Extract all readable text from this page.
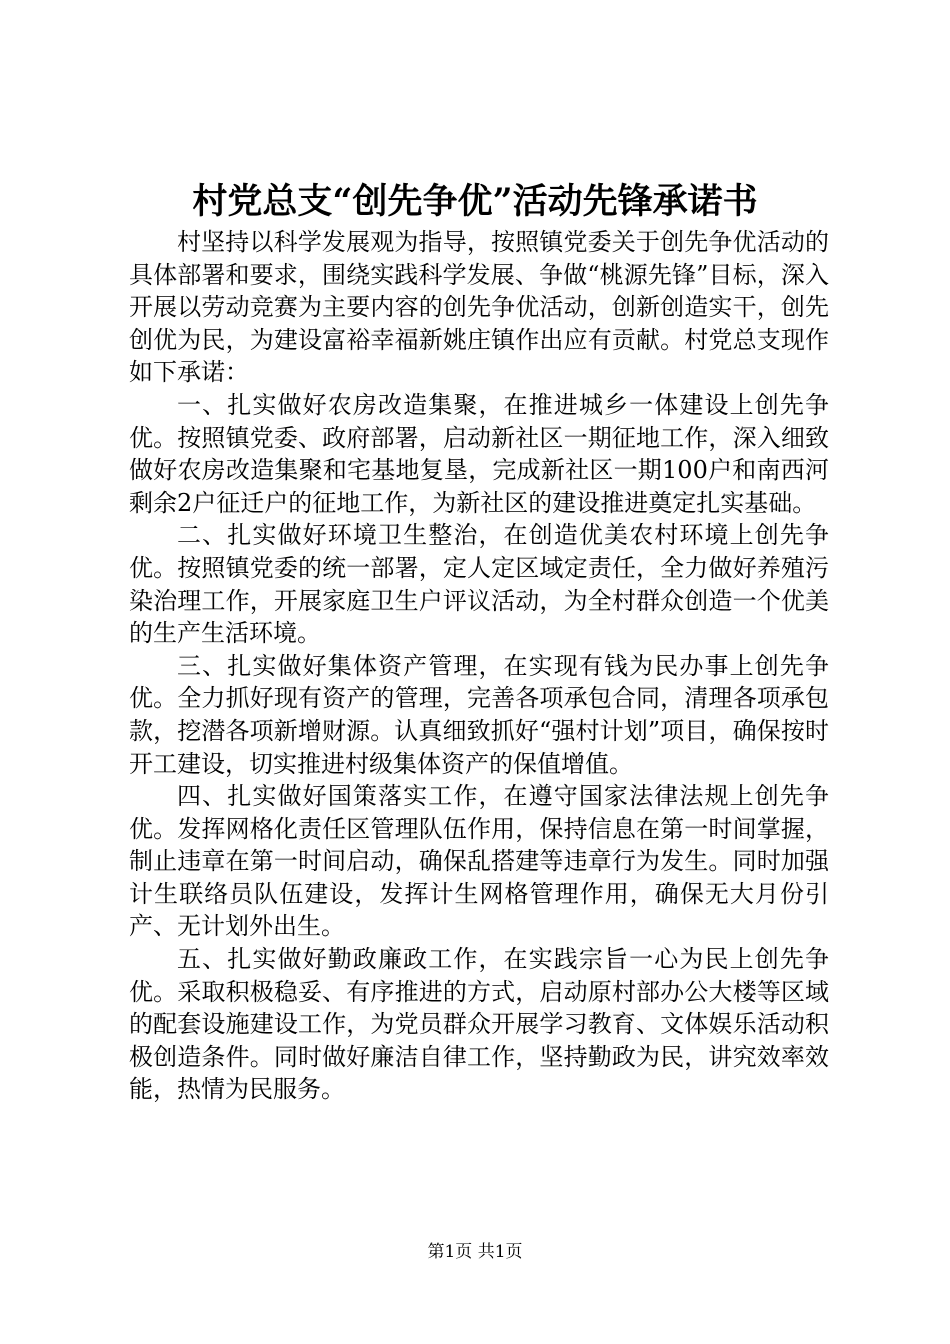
村党总支“创先争优”活动先锋承诺书

村坚持以科学发展观为指导，按照镇党委关于创先争优活动的具体部署和要求，围绕实践科学发展、争做“桃源先锋”目标，深入开展以劳动竞赛为主要内容的创先争优活动，创新创造实干，创先创优为民，为建设富裕幸福新姚庄镇作出应有贡献。村党总支现作如下承诺：

一、扎实做好农房改造集聚，在推进城乡一体建设上创先争优。按照镇党委、政府部署，启动新社区一期征地工作，深入细致做好农房改造集聚和宅基地复垦，完成新社区一期100户和南西河剩余2户征迁户的征地工作，为新社区的建设推进奠定扎实基础。

二、扎实做好环境卫生整治，在创造优美农村环境上创先争优。按照镇党委的统一部署，定人定区域定责任，全力做好养殖污染治理工作，开展家庭卫生户评议活动，为全村群众创造一个优美的生产生活环境。

三、扎实做好集体资产管理，在实现有钱为民办事上创先争优。全力抓好现有资产的管理，完善各项承包合同，清理各项承包款，挖潜各项新增财源。认真细致抓好“强村计划”项目，确保按时开工建设，切实推进村级集体资产的保值增值。

四、扎实做好国策落实工作，在遵守国家法律法规上创先争优。发挥网格化责任区管理队伍作用，保持信息在第一时间掌握，制止违章在第一时间启动，确保乱搭建等违章行为发生。同时加强计生联络员队伍建设，发挥计生网格管理作用，确保无大月份引产、无计划外出生。

五、扎实做好勤政廉政工作，在实践宗旨一心为民上创先争优。采取积极稳妥、有序推进的方式，启动原村部办公大楼等区域的配套设施建设工作，为党员群众开展学习教育、文体娱乐活动积极创造条件。同时做好廉洁自律工作，坚持勤政为民，讲究效率效能，热情为民服务。

第1页 共1页
